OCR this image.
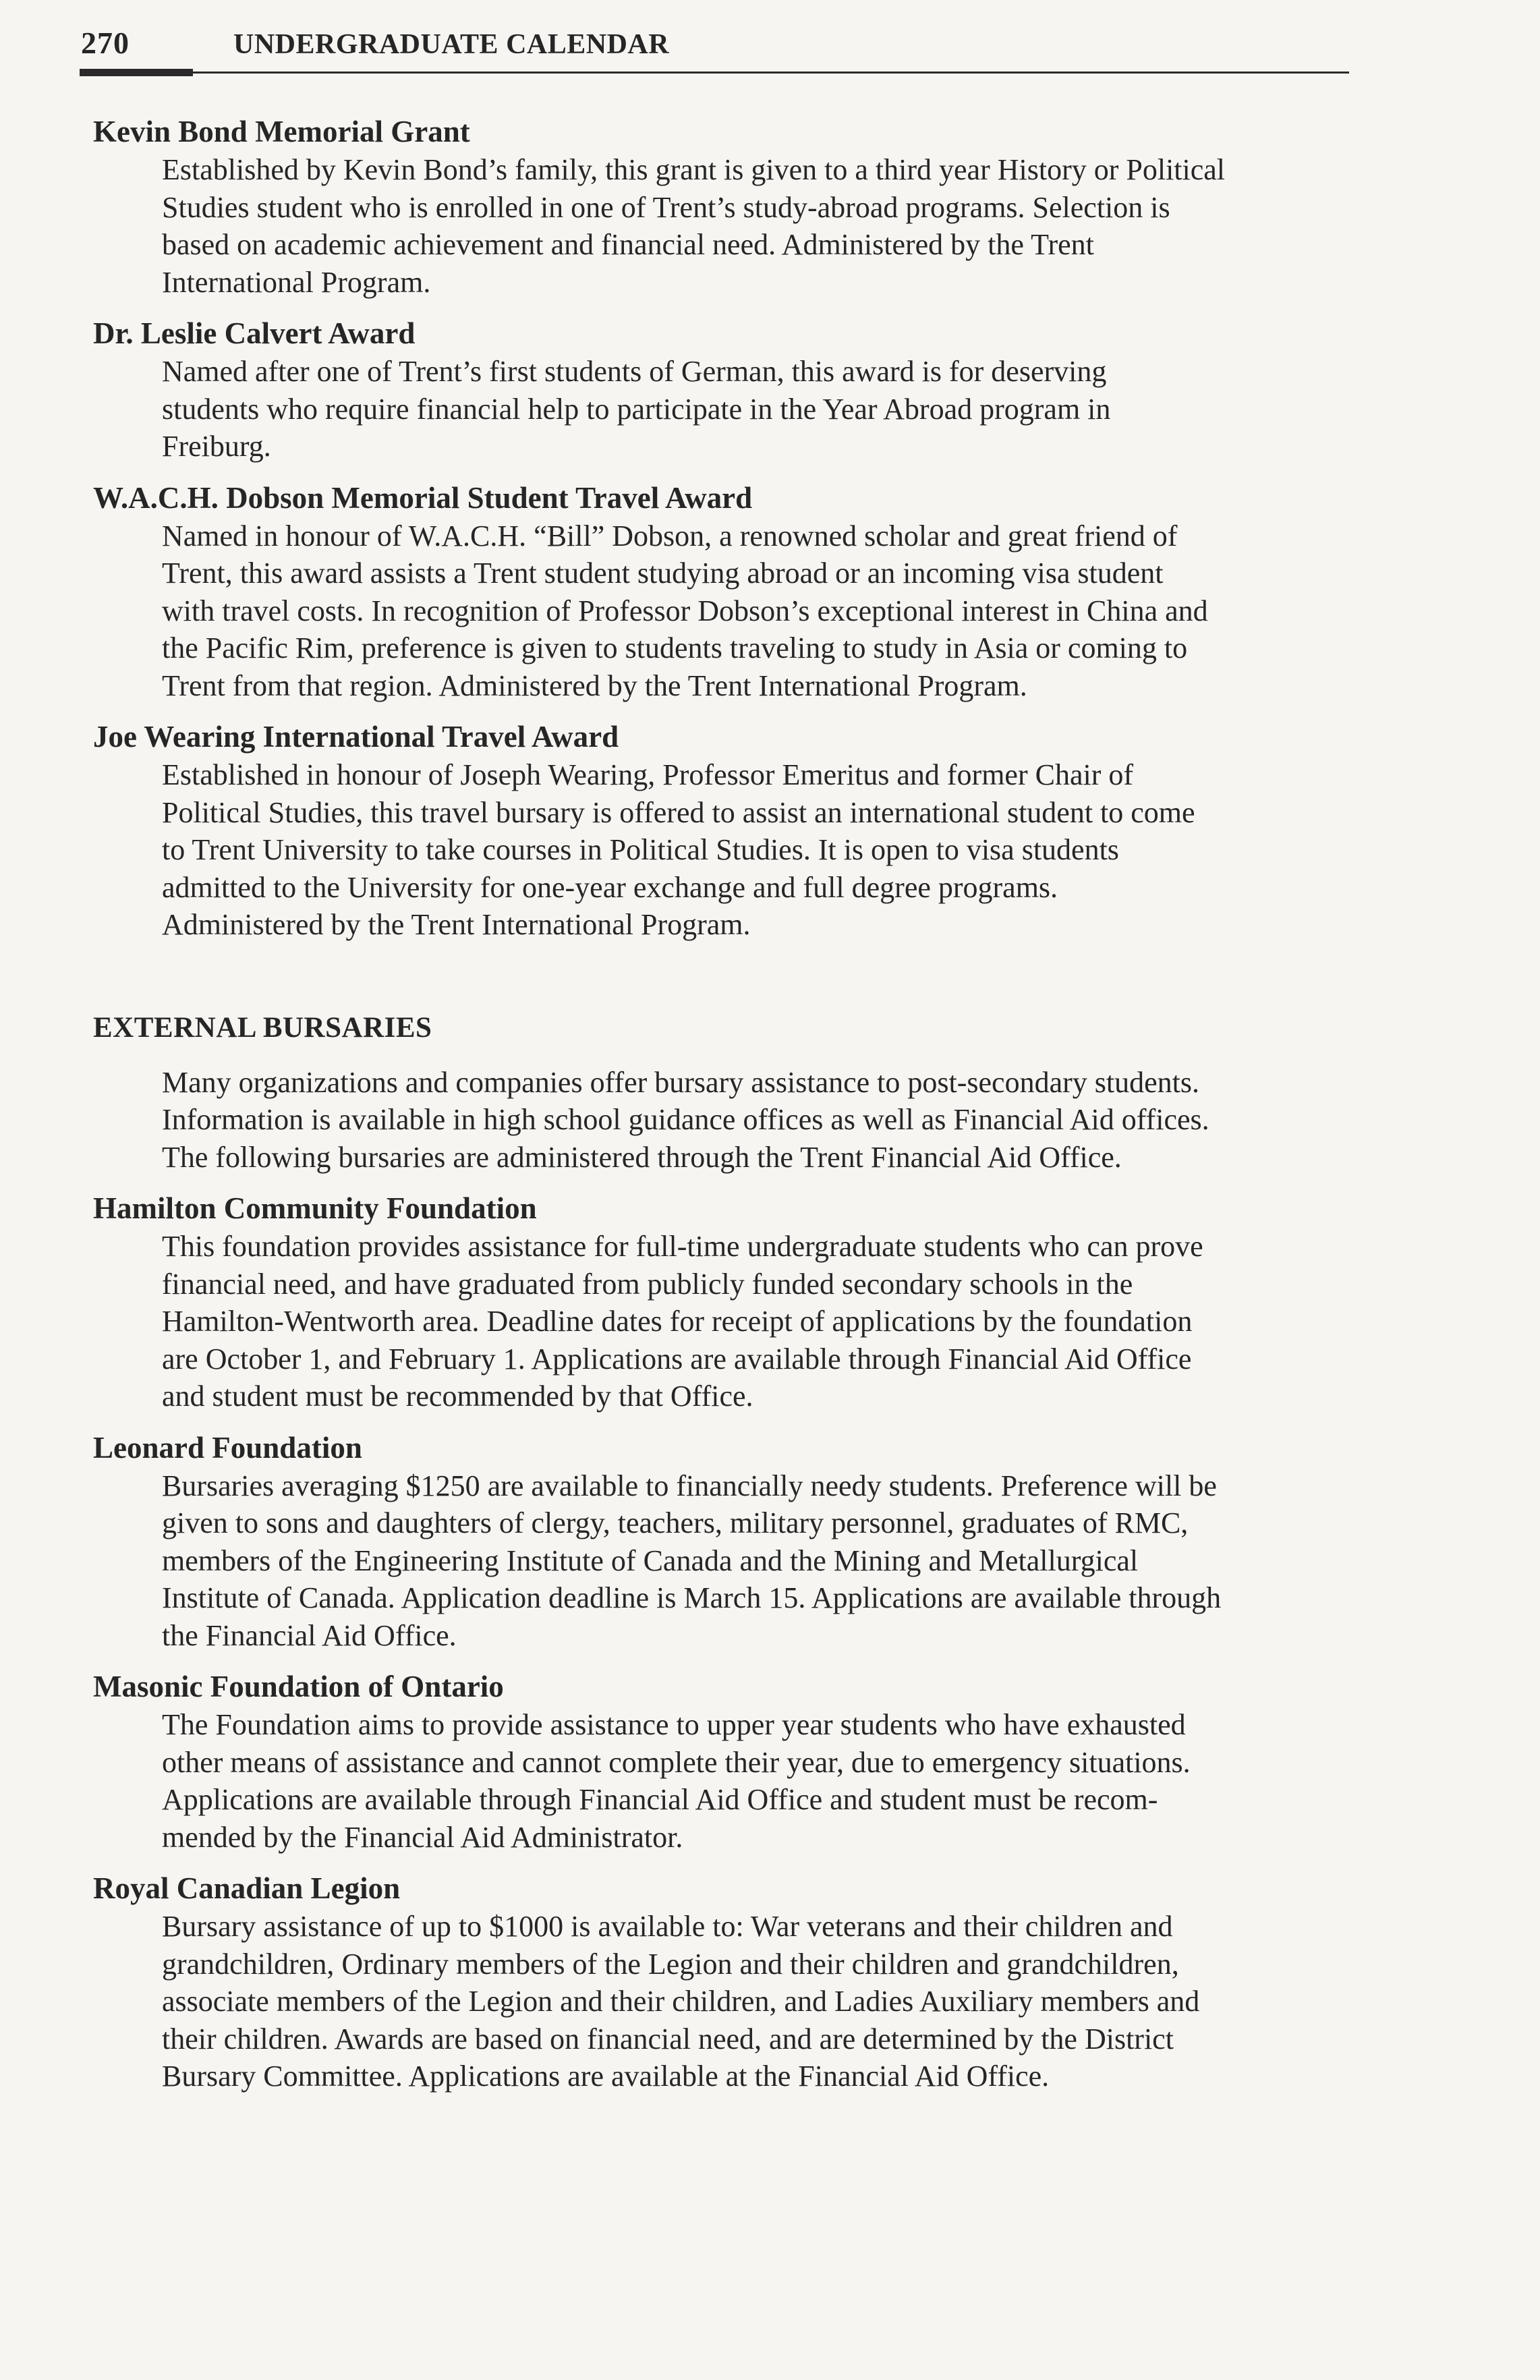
270	UNDERGRADUATE CALENDAR
Kevin Bond Memorial Grant
Established by Kevin Bond’s family, this grant is given to a third year History or Political
Studies student who is enrolled in one of Trent’s study-abroad programs. Selection is
based on academic achievement and financial need. Administered by the Trent
International Program.
Dr. Leslie Calvert Award
Named after one of Trent’s first students of German, this award is for deserving
students who require financial help to participate in the Year Abroad program in
Freiburg.
W.A.C.H. Dobson Memorial Student Travel Award
Named in honour of W.A.C.H. “Bill” Dobson, a renowned scholar and great friend of
Trent, this award assists a Trent student studying abroad or an incoming visa student
with travel costs. In recognition of Professor Dobson’s exceptional interest in China and
the Pacific Rim, preference is given to students traveling to study in Asia or coming to
Trent from that region. Administered by the Trent International Program.
Joe Wearing International Travel Award
Established in honour of Joseph Wearing, Professor Emeritus and former Chair of
Political Studies, this travel bursary is offered to assist an international student to come
to Trent University to take courses in Political Studies. It is open to visa students
admitted to the University for one-year exchange and full degree programs.
Administered by the Trent International Program.
EXTERNAL BURSARIES
Many organizations and companies offer bursary assistance to post-secondary students.
Information is available in high school guidance offices as well as Financial Aid offices.
The following bursaries are administered through the Trent Financial Aid Office.
Hamilton Community Foundation
This foundation provides assistance for full-time undergraduate students who can prove
financial need, and have graduated from publicly funded secondary schools in the
Hamilton-Wentworth area. Deadline dates for receipt of applications by the foundation
are October 1, and February 1. Applications are available through Financial Aid Office
and student must be recommended by that Office.
Leonard Foundation
Bursaries averaging $1250 are available to financially needy students. Preference will be
given to sons and daughters of clergy, teachers, military personnel, graduates of RMC,
members of the Engineering Institute of Canada and the Mining and Metallurgical
Institute of Canada. Application deadline is March 15. Applications are available through
the Financial Aid Office.
Masonic Foundation of Ontario
The Foundation aims to provide assistance to upper year students who have exhausted
other means of assistance and cannot complete their year, due to emergency situations.
Applications are available through Financial Aid Office and student must be recom-
mended by the Financial Aid Administrator.
Royal Canadian Legion
Bursary assistance of up to $1000 is available to: War veterans and their children and
grandchildren, Ordinary members of the Legion and their children and grandchildren,
associate members of the Legion and their children, and Ladies Auxiliary members and
their children. Awards are based on financial need, and are determined by the District
Bursary Committee. Applications are available at the Financial Aid Office.
